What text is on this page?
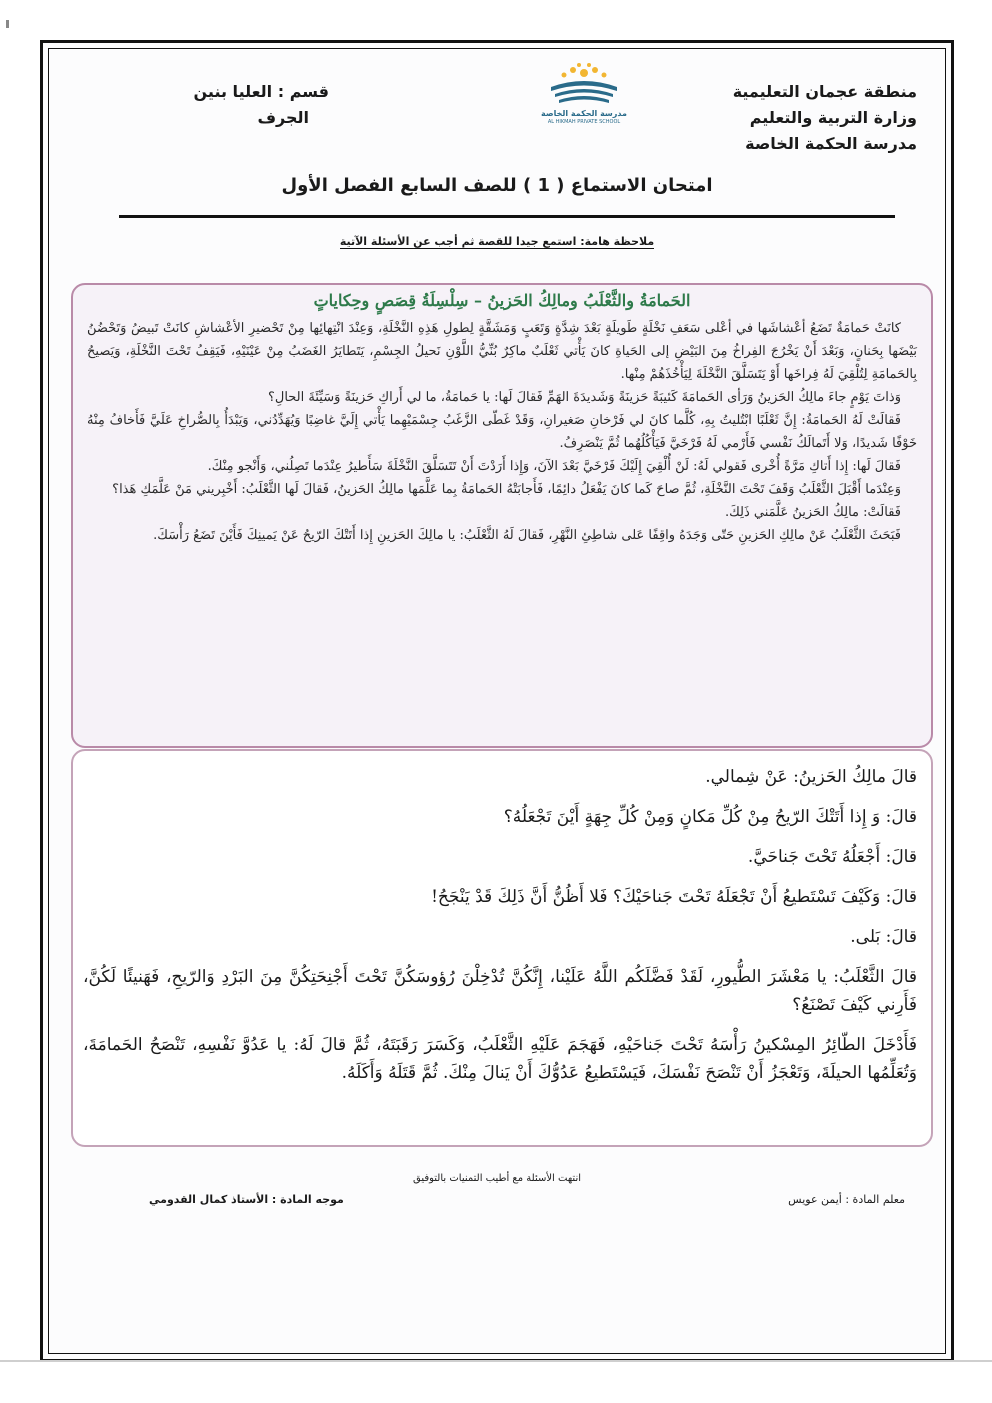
منطقة عجمان التعليمية
وزارة التربية والتعليم
مدرسة الحكمة الخاصة
مدرسة الحكمة الخاصة
AL HIKMAH PRIVATE SCHOOL
قسم : العليا بنين
الجرف
امتحان الاستماع ( 1 ) للصف السابع الفصل الأول
ملاحظة هامة: استمع جيدا للقصة ثم أجب عن الأسئلة الآتية
الحَمامَةُ والثَّعْلَبُ ومالِكُ الحَزينُ – سِلْسِلَةُ قِصَصٍ وحِكاياتٍ

كانَتْ حَمامَةٌ تَضَعُ أعْشاشَها في أعْلى سَعَفِ نَخْلَةٍ طَويلَةٍ بَعْدَ شِدَّةٍ وَتَعَبٍ وَمَشَقَّةٍ لِطولِ هَذِهِ النَّخْلَةِ، وَعِنْدَ انْتِهائِها مِنْ تَحْضيرِ الأعْشاشِ كانَتْ تَبيضُ وَتَحْضُنُ بَيْضَها بِحَنانٍ، وَبَعْدَ أَنْ يَخْرُجَ الفِراخُ مِنَ البَيْضِ إلى الحَياةِ كانَ يَأْتي ثَعْلَبٌ ماكِرٌ بُنِّيُّ اللَّوْنِ نَحيلُ الجِسْمِ، يَتَطايَرُ الغَضَبُ مِنْ عَيْنَيْهِ، فَيَقِفُ تَحْتَ النَّخْلَةِ، وَيَصيحُ بِالحَمامَةِ لِتُلْقِيَ لَهُ فِراخَها أَوْ يَتَسَلَّقَ النَّخْلَةَ لِيَأْخُذَهُمْ مِنْها.

وَذاتَ يَوْمٍ جاءَ مالِكُ الحَزينُ وَرَأى الحَمامَةَ كَئيبَةً حَزينَةً وَشَديدَةَ الهَمِّ فَقالَ لَها: يا حَمامَةُ، ما لي أَراكِ حَزينَةً وَسَيِّئَةَ الحالِ؟

فَقالَتْ لَهُ الحَمامَةُ: إِنَّ ثَعْلَبًا ابْتُليتُ بِهِ، كُلَّما كانَ لي فَرْخانِ صَغيرانِ، وَقَدْ غَطّى الزَّغَبُ جِسْمَيْهِما يَأْتي إِلَيَّ غاضِبًا وَيُهَدِّدُني، وَيَبْدَأُ بِالصُّراخِ عَلَيَّ فَأَخافُ مِنْهُ خَوْفًا شَديدًا، وَلا أَتَمالَكُ نَفْسي فَأَرْمي لَهُ فَرْخَيَّ فَيَأْكُلُهُما ثُمَّ يَنْصَرِفُ.

فَقالَ لَها: إِذا أَتاكِ مَرَّةً أُخْرى فَقولي لَهُ: لَنْ أُلْقِيَ إِلَيْكَ فَرْخَيَّ بَعْدَ الآنَ، وَإِذا أَرَدْتَ أَنْ تَتَسَلَّقَ النَّخْلَةَ سَأَطيرُ عِنْدَما تَصِلُني، وَأَنْجو مِنْكَ.

وَعِنْدَما أَقْبَلَ الثَّعْلَبُ وَقَفَ تَحْتَ النَّخْلَةِ، ثُمَّ صاحَ كَما كانَ يَفْعَلُ دائِمًا، فَأَجابَتْهُ الحَمامَةُ بِما عَلَّمَها مالِكُ الحَزينُ، فَقالَ لَها الثَّعْلَبُ: أَخْبِريني مَنْ عَلَّمَكِ هَذا؟

فَقالَتْ: مالِكُ الحَزينُ عَلَّمَني ذَلِكَ.

فَبَحَثَ الثَّعْلَبُ عَنْ مالِكِ الحَزينِ حَتّى وَجَدَهُ واقِفًا عَلى شاطِئِ النَّهْرِ، فَقالَ لَهُ الثَّعْلَبُ: يا مالِكَ الحَزينِ إِذا أَتَتْكَ الرّيحُ عَنْ يَمينِكَ فَأَيْنَ تَضَعُ رَأْسَكَ.

قالَ مالِكُ الحَزينُ: عَنْ شِمالي.

قالَ: وَ إِذا أَتَتْكَ الرّيحُ مِنْ كُلِّ مَكانٍ وَمِنْ كُلِّ جِهَةٍ أَيْنَ تَجْعَلُهُ؟

قالَ: أَجْعَلُهُ تَحْتَ جَناحَيَّ.

قالَ: وَكَيْفَ تَسْتَطيعُ أَنْ تَجْعَلَهُ تَحْتَ جَناحَيْكَ؟ فَلا أَظُنُّ أَنَّ ذَلِكَ قَدْ يَنْجَحُ!

قالَ: بَلى.

قالَ الثَّعْلَبُ: يا مَعْشَرَ الطُّيورِ، لَقَدْ فَضَّلَكُم اللَّهُ عَلَيْنا، إِنَّكُنَّ تُدْخِلْنَ رُؤوسَكُنَّ تَحْتَ أَجْنِحَتِكُنَّ مِنَ البَرْدِ وَالرّيحِ، فَهَنيئًا لَكُنَّ، فَأَرِني كَيْفَ تَصْنَعُ؟

فَأَدْخَلَ الطّائِرُ المِسْكينُ رَأْسَهُ تَحْتَ جَناحَيْهِ، فَهَجَمَ عَلَيْهِ الثَّعْلَبُ، وَكَسَرَ رَقَبَتَهُ، ثُمَّ قالَ لَهُ: يا عَدُوَّ نَفْسِهِ، تَنْصَحُ الحَمامَةَ، وَتُعَلِّمُها الحيلَةَ، وَتَعْجَزُ أَنْ تَنْصَحَ نَفْسَكَ، فَيَسْتَطيعُ عَدُوُّكَ أَنْ يَنالَ مِنْكَ. ثُمَّ قَتَلَهُ وَأَكَلَهُ.

انتهت الأسئلة مع أطيب التمنيات بالتوفيق
معلم المادة : أيمن عويس
موجه المادة : الأستاذ كمال القدومي
